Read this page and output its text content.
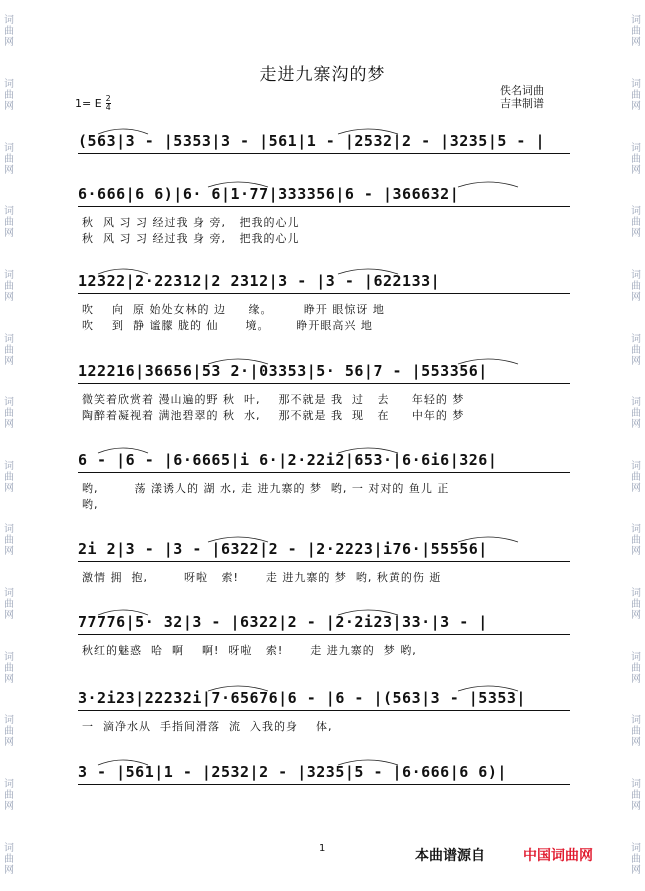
词
曲
网
词
曲
网
词
曲
网
词
曲
网
词
曲
网
词
曲
网
词
曲
网
词
曲
网
词
曲
网
词
曲
网
词
曲
网
词
曲
网
词
曲
网
词
曲
网
词
曲
网
词
曲
网
词
曲
网
词
曲
网
词
曲
网
词
曲
网
词
曲
网
词
曲
网
词
曲
网
词
曲
网
词
曲
网
词
曲
网
词
曲
网
词
曲
网
走进九寨沟的梦
佚名词曲
吉聿制谱
1= E $\frac{2}{4}$
(563|3 - |5353|3 - |561|1 - |2532|2 - |3235|5 - |
6·666|6 6)|6· 6|1·77|333356|6 - |366632|
秋  风 习 习 经过我 身 旁,   把我的心儿
秋  风 习 习 经过我 身 旁,   把我的心儿
12322|2·22312|2 2312|3 - |3 - |622133|
吹    向  原 始处女林的 边     缘。       睁开 眼惊讶 地
吹    到  静 谧朦 胧的 仙      境。      睁开眼高兴 地
122216|36656|53 2·|03353|5· 56|7 - |553356|
微笑着欣赏着 漫山遍的野 秋  叶,    那不就是 我  过   去     年轻的 梦
陶醉着凝视着 满池碧翠的 秋  水,    那不就是 我  现   在     中年的 梦
6 - |6 - |6·6665|i 6·|2·22i2|653·|6·6i6|326|
哟,        荡 漾诱人的 湖 水, 走 进九寨的 梦  哟, 一 对对的 鱼儿 正
哟,
2i 2|3 - |3 - |6322|2 - |2·2223|i76·|55556|
激情 拥  抱,        呀啦   索!      走 进九寨的 梦  哟, 秋黄的伤 逝
77776|5· 32|3 - |6322|2 - |2·2i23|33·|3 - |
秋红的魅惑  哈  啊    啊!  呀啦   索!      走 进九寨的  梦 哟,
3·2i23|22232i|7·65676|6 - |6 - |(563|3 - |5353|
一  滴净水从  手指间滑落  流  入我的身    体,
3 - |561|1 - |2532|2 - |3235|5 - |6·666|6 6)|
1	本曲谱源自	中国词曲网
